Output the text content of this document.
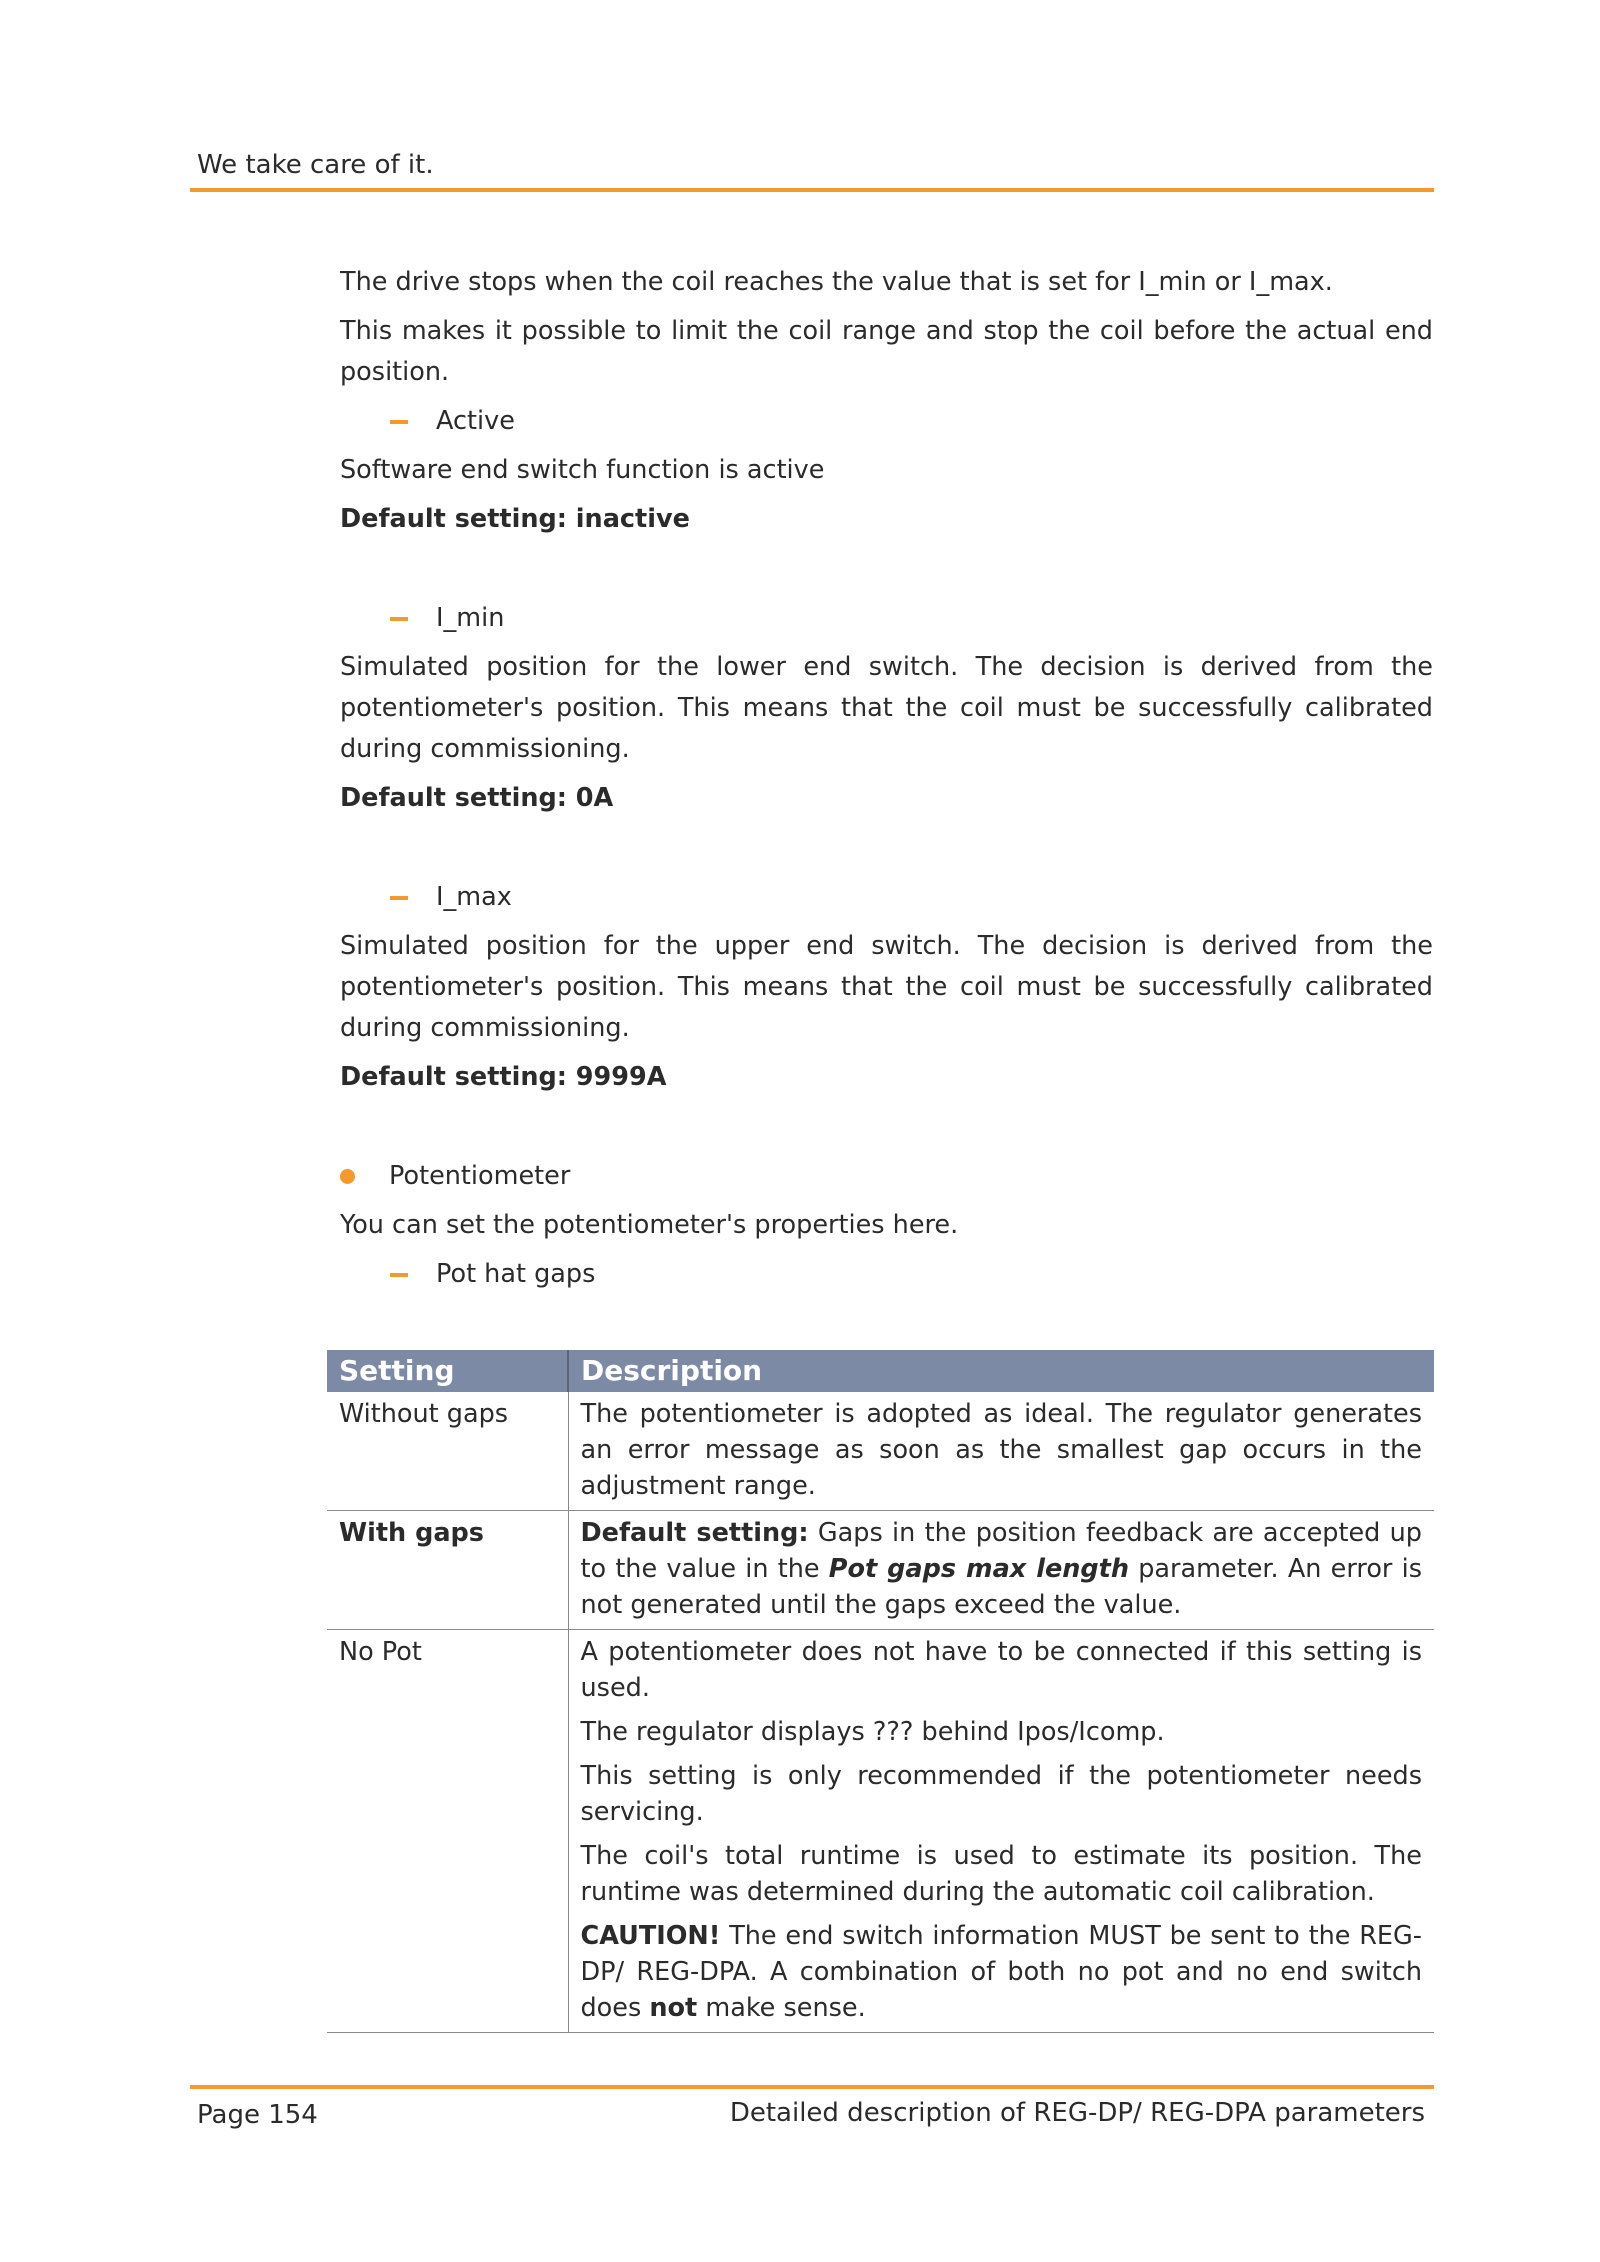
We take care of it.

The drive stops when the coil reaches the value that is set for I_min or I_max.

This makes it possible to limit the coil range and stop the coil before the actual end position.

Active

Software end switch function is active

Default setting: inactive

I_min

Simulated position for the lower end switch. The decision is derived from the potentiometer's position. This means that the coil must be successfully calibrated during commissioning.

Default setting: 0A

I_max

Simulated position for the upper end switch. The decision is derived from the potentiometer's position. This means that the coil must be successfully calibrated during commissioning.

Default setting: 9999A

Potentiometer

You can set the potentiometer's properties here.

Pot hat gaps
Setting	Description
Without gaps	The potentiometer is adopted as ideal. The regulator generates an error message as soon as the smallest gap occurs in the adjustment range.

With gaps	Default setting: Gaps in the position feedback are accepted up to the value in the Pot gaps max length parameter. An error is not generated until the gaps exceed the value.

No Pot	A potentiometer does not have to be connected if this setting is used.

The regulator displays ??? behind Ipos/Icomp.

This setting is only recommended if the potentiometer needs servicing.

The coil's total runtime is used to estimate its position. The runtime was determined during the automatic coil calibration.

CAUTION! The end switch information MUST be sent to the REG-DP/ REG-DPA. A combination of both no pot and no end switch does not make sense.

Page 154	Detailed description of REG-DP/ REG-DPA parameters
